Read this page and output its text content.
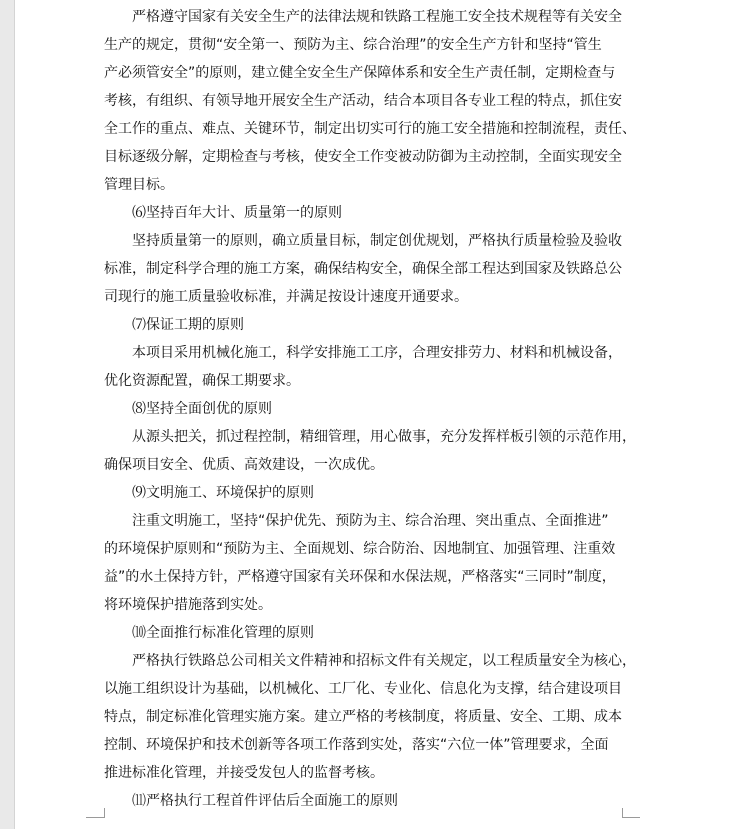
严格遵守国家有关安全生产的法律法规和铁路工程施工安全技术规程等有关安全
生产的规定，贯彻“安全第一、预防为主、综合治理”的安全生产方针和坚持“管生
产必须管安全”的原则，建立健全安全生产保障体系和安全生产责任制，定期检查与
考核，有组织、有领导地开展安全生产活动，结合本项目各专业工程的特点，抓住安
全工作的重点、难点、关键环节，制定出切实可行的施工安全措施和控制流程，责任、
目标逐级分解，定期检查与考核，使安全工作变被动防御为主动控制，全面实现安全
管理目标。
⑹坚持百年大计、质量第一的原则
坚持质量第一的原则，确立质量目标，制定创优规划，严格执行质量检验及验收
标准，制定科学合理的施工方案，确保结构安全，确保全部工程达到国家及铁路总公
司现行的施工质量验收标准，并满足按设计速度开通要求。
⑺保证工期的原则
本项目采用机械化施工，科学安排施工工序，合理安排劳力、材料和机械设备，
优化资源配置，确保工期要求。
⑻坚持全面创优的原则
从源头把关，抓过程控制，精细管理，用心做事，充分发挥样板引领的示范作用，
确保项目安全、优质、高效建设，一次成优。
⑼文明施工、环境保护的原则
注重文明施工，坚持“保护优先、预防为主、综合治理、突出重点、全面推进”
的环境保护原则和“预防为主、全面规划、综合防治、因地制宜、加强管理、注重效
益”的水土保持方针，严格遵守国家有关环保和水保法规，严格落实“三同时”制度，
将环境保护措施落到实处。
⑽全面推行标准化管理的原则
严格执行铁路总公司相关文件精神和招标文件有关规定，以工程质量安全为核心，
以施工组织设计为基础，以机械化、工厂化、专业化、信息化为支撑，结合建设项目
特点，制定标准化管理实施方案。建立严格的考核制度，将质量、安全、工期、成本
控制、环境保护和技术创新等各项工作落到实处，落实“六位一体”管理要求，全面
推进标准化管理，并接受发包人的监督考核。
⑾严格执行工程首件评估后全面施工的原则
